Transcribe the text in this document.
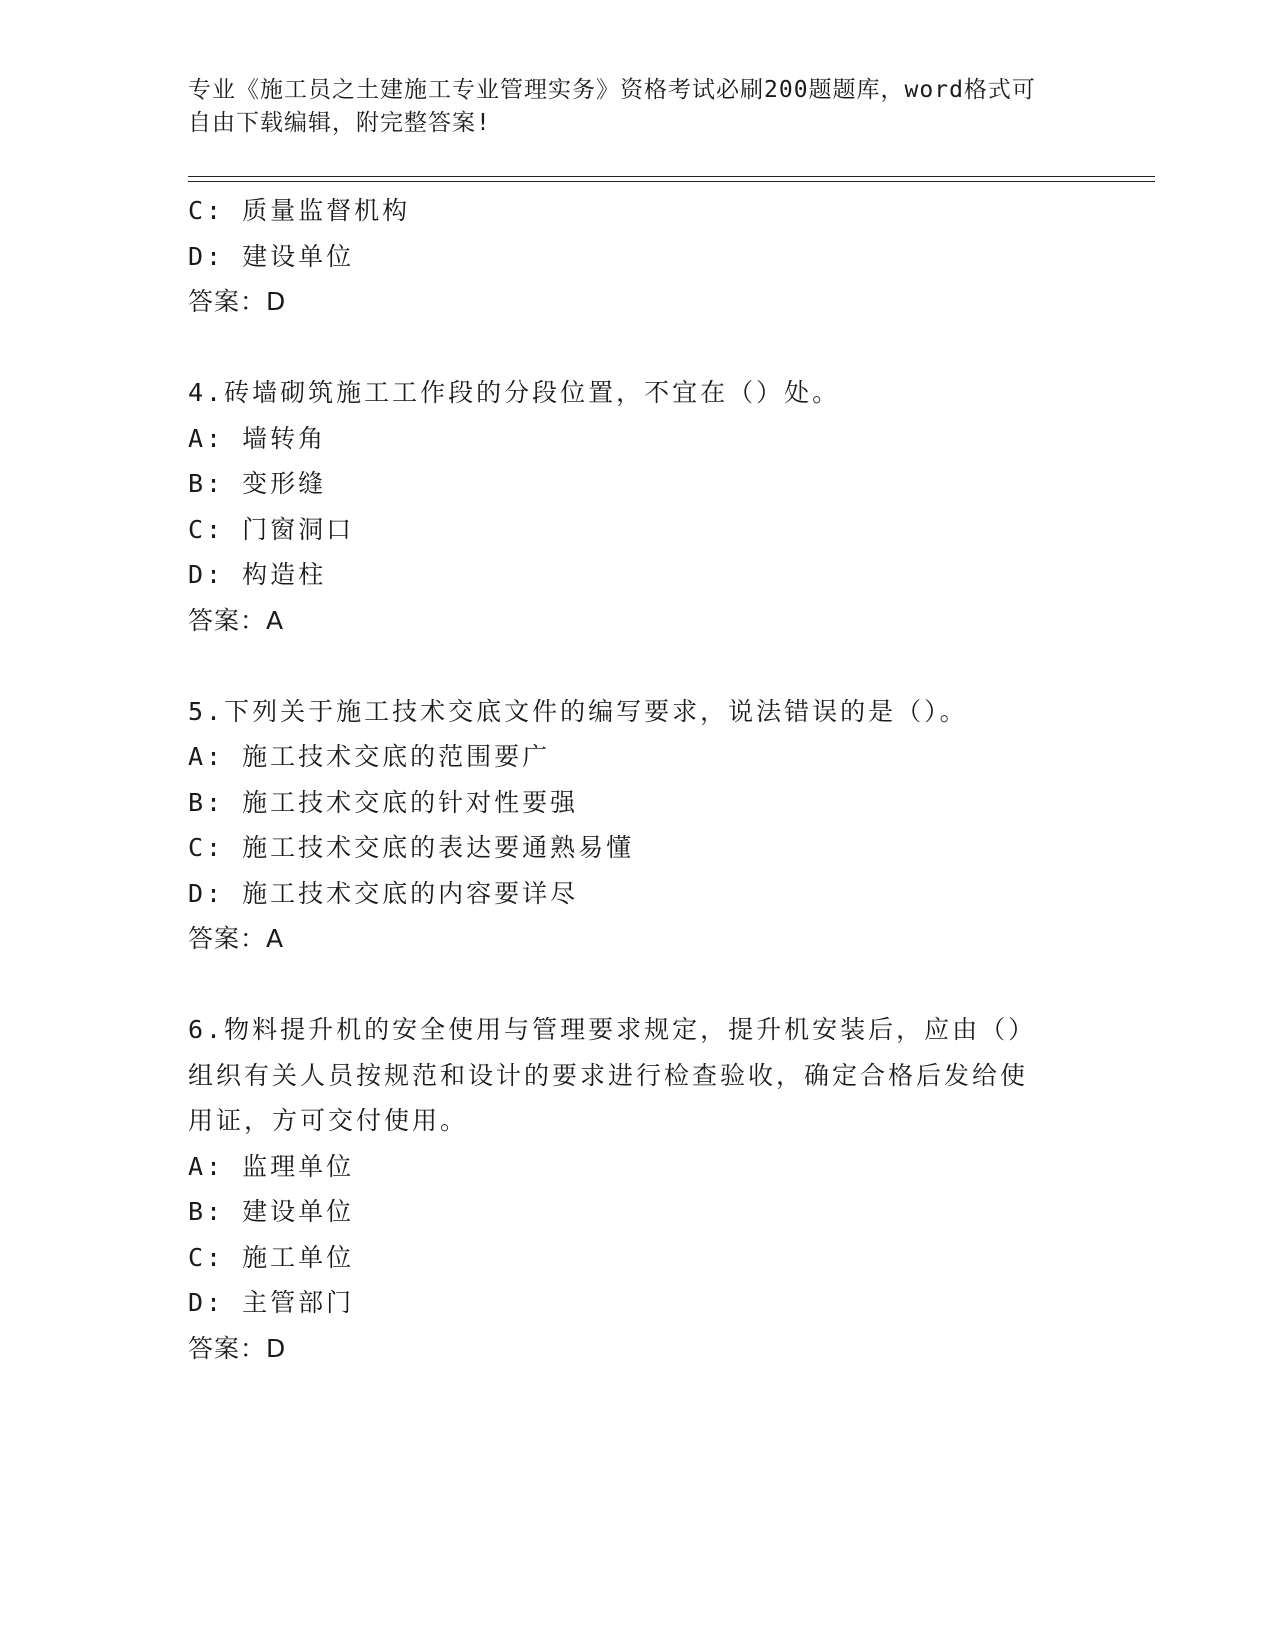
专业《施工员之土建施工专业管理实务》资格考试必刷200题题库，word格式可
自由下载编辑，附完整答案!
C: 质量监督机构
D: 建设单位
答案：D
4.砖墙砌筑施工工作段的分段位置，不宜在（）处。
A: 墙转角
B: 变形缝
C: 门窗洞口
D: 构造柱
答案：A
5.下列关于施工技术交底文件的编写要求，说法错误的是（）。
A: 施工技术交底的范围要广
B: 施工技术交底的针对性要强
C: 施工技术交底的表达要通熟易懂
D: 施工技术交底的内容要详尽
答案：A
6.物料提升机的安全使用与管理要求规定，提升机安装后，应由（）
组织有关人员按规范和设计的要求进行检查验收，确定合格后发给使
用证，方可交付使用。
A: 监理单位
B: 建设单位
C: 施工单位
D: 主管部门
答案：D
